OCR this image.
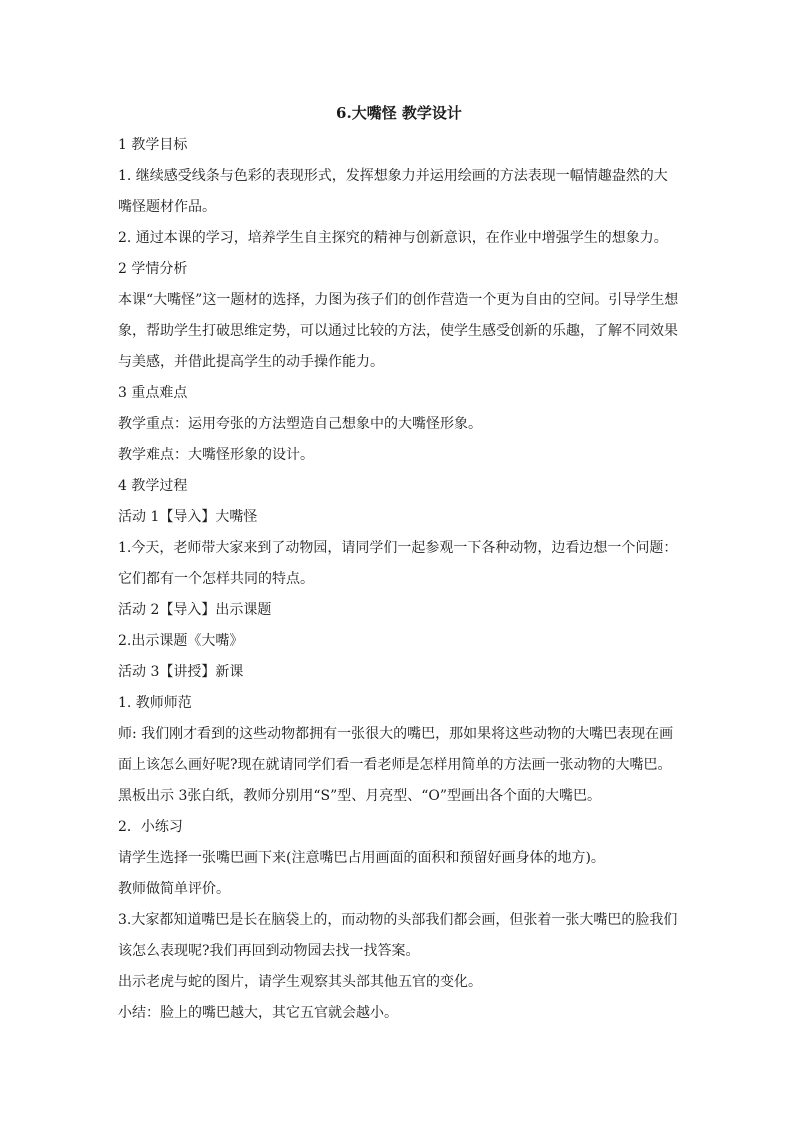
6.大嘴怪 教学设计

1 教学目标

1. 继续感受线条与色彩的表现形式，发挥想象力并运用绘画的方法表现一幅情趣盎然的大嘴怪题材作品。

2. 通过本课的学习，培养学生自主探究的精神与创新意识，在作业中增强学生的想象力。

2 学情分析

本课“大嘴怪”这一题材的选择，力图为孩子们的创作营造一个更为自由的空间。引导学生想象，帮助学生打破思维定势，可以通过比较的方法，使学生感受创新的乐趣，了解不同效果与美感，并借此提高学生的动手操作能力。

3 重点难点

教学重点：运用夸张的方法塑造自己想象中的大嘴怪形象。

教学难点：大嘴怪形象的设计。

4 教学过程

活动 1【导入】大嘴怪

1.今天，老师带大家来到了动物园，请同学们一起参观一下各种动物，边看边想一个问题：它们都有一个怎样共同的特点。

活动 2【导入】出示课题

2.出示课题《大嘴》

活动 3【讲授】新课

1. 教师师范

师: 我们刚才看到的这些动物都拥有一张很大的嘴巴，那如果将这些动物的大嘴巴表现在画面上该怎么画好呢?现在就请同学们看一看老师是怎样用简单的方法画一张动物的大嘴巴。

黑板出示 3张白纸，教师分别用“S”型、月亮型、“O”型画出各个面的大嘴巴。

2．小练习

请学生选择一张嘴巴画下来(注意嘴巴占用画面的面积和预留好画身体的地方)。

教师做简单评价。

3.大家都知道嘴巴是长在脑袋上的，而动物的头部我们都会画，但张着一张大嘴巴的脸我们该怎么表现呢?我们再回到动物园去找一找答案。

出示老虎与蛇的图片，请学生观察其头部其他五官的变化。

小结：脸上的嘴巴越大，其它五官就会越小。
